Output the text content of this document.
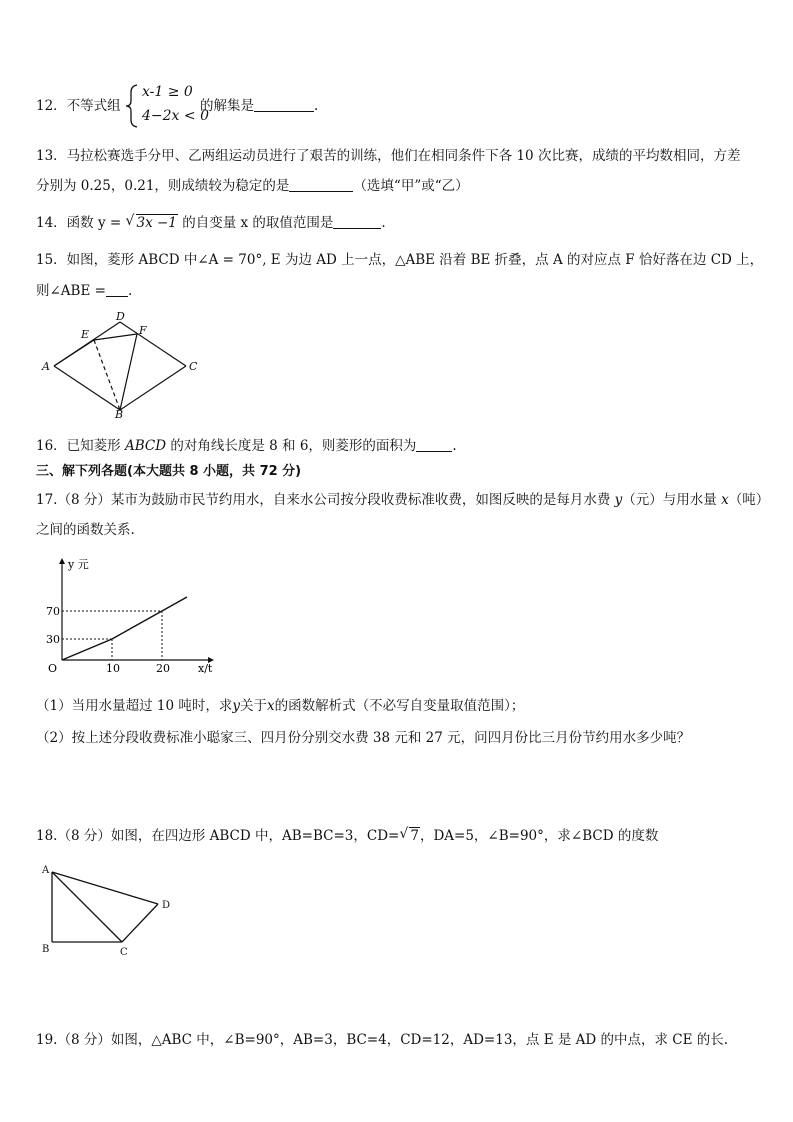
12．不等式组
x-1 ≥ 0
4−2x < 0
的解集是	.
13．马拉松赛选手分甲、乙两组运动员进行了艰苦的训练，他们在相同条件下各 10 次比赛，成绩的平均数相同，方差
分别为 0.25，0.21，则成绩较为稳定的是	（选填“甲”或“乙）
14．函数 y = √ 3x −1 的自变量 x 的取值范围是	.
15．如图，菱形 ABCD 中∠A = 70°, E 为边 AD 上一点，△ABE 沿着 BE 折叠，点 A 的对应点 F 恰好落在边 CD 上，
则∠ABE = .
A
D
E	F
C
B
16．已知菱形 ABCD 的对角线长度是 8 和 6，则菱形的面积为	.
三、解下列各题(本大题共 8 小题，共 72 分)
17.（8 分）某市为鼓励市民节约用水，自来水公司按分段收费标准收费，如图反映的是每月水费 y（元）与用水量 x（吨）
之间的函数关系.
10	20
30
70
O	x/t
y 元
（1）当用水量超过 10 吨时，求y关于x的函数解析式（不必写自变量取值范围）；
（2）按上述分段收费标准小聪家三、四月份分别交水费 38 元和 27 元，问四月份比三月份节约用水多少吨？
18.（8 分）如图，在四边形 ABCD 中，AB=BC=3，CD= √ 7，DA=5，∠B=90°，求∠BCD 的度数
A
B	C
D
19.（8 分）如图，△ABC 中，∠B=90°，AB=3，BC=4，CD=12，AD=13，点 E 是 AD 的中点，求 CE 的长.
